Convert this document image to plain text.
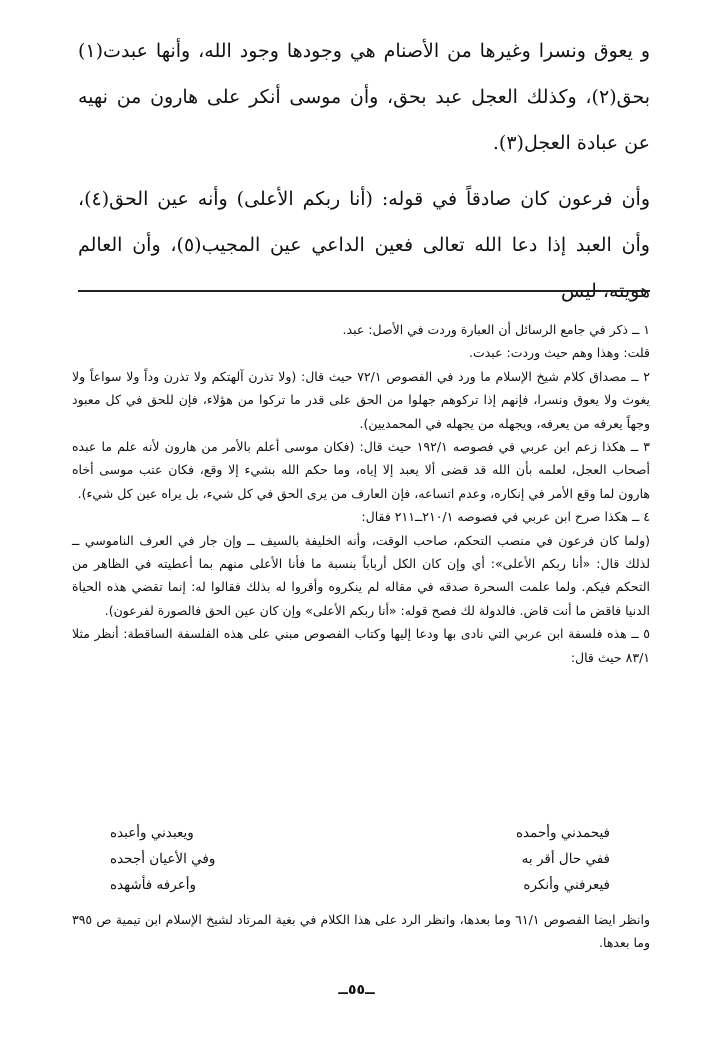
و يعوق ونسرا وغيرها من الأصنام هي وجودها وجود الله، وأنها عبدت(١) بحق(٢)، وكذلك العجل عبد بحق، وأن موسى أنكر على هارون من نهيه عن عبادة العجل(٣).

وأن فرعون كان صادقاً في قوله: (أنا ربكم الأعلى) وأنه عين الحق(٤)، وأن العبد إذا دعا الله تعالى فعين الداعي عين المجيب(٥)، وأن العالم هويته، ليس

١ ــ ذكر في جامع الرسائل أن العبارة وردت في الأصل: عبد.

قلت: وهذا وهم حيث وردت: عبدت.

٢ ــ مصداق كلام شيخ الإسلام ما ورد في الفصوص ٧٢/١ حيث قال: (ولا تذرن آلهتكم ولا تذرن وداً ولا سواعاً ولا يغوث ولا يعوق ونسرا، فإنهم إذا تركوهم جهلوا من الحق على قدر ما تركوا من هؤلاء، فإن للحق في كل معبود وجهاً يعرفه من يعرفه، ويجهله من يجهله في المحمديين).

٣ ــ هكذا زعم ابن عربي في فصوصه ١٩٢/١ حيث قال: (فكان موسى أعلم بالأمر من هارون لأنه علم ما عبده أصحاب العجل، لعلمه بأن الله قد قضى ألا يعبد إلا إياه، وما حكم الله بشيء إلا وقع، فكان عتب موسى أخاه هارون لما وقع الأمر في إنكاره، وعدم اتساعه، فإن العارف من يرى الحق في كل شيء، بل يراه عين كل شيء).

٤ ــ هكذا صرح ابن عربي في فصوصه ٢١٠/١ــ٢١١ فقال:

(ولما كان فرعون في منصب التحكم، صاحب الوقت، وأنه الخليفة بالسيف ــ وإن جار في العرف الناموسي ــ لذلك قال: «أنا ربكم الأعلى»: أي وإن كان الكل أرباباً بنسبة ما فأنا الأعلى منهم بما أعطيته في الظاهر من التحكم فيكم. ولما علمت السحرة صدقه في مقاله لم ينكروه وأقروا له بذلك فقالوا له: إنما تقضي هذه الحياة الدنيا فاقض ما أنت قاض. فالدولة لك فصح قوله: «أنا ربكم الأعلى» وإن كان عين الحق فالصورة لفرعون).

٥ ــ هذه فلسفة ابن عربي التي نادى بها ودعا إليها وكتاب الفصوص مبني على هذه الفلسفة الساقطة: أنظر مثلا ٨٣/١ حيث قال:

فيحمدني وأحمده
ويعبدني وأعبده
ففي حال أقر به
وفي الأعيان أجحده
فيعرفني وأنكره
وأعرفه فأشهده

وانظر ايضا الفصوص ٦١/١ وما بعدها، وانظر الرد على هذا الكلام في بغية المرتاد لشيخ الإسلام ابن تيمية ص ٣٩٥ وما بعدها.

ــ٥٥ــ
